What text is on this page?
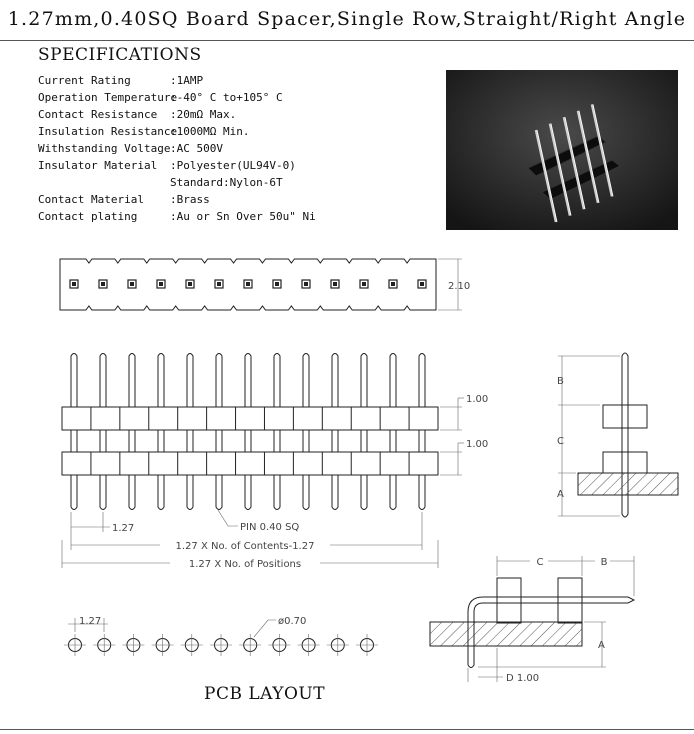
1.27mm,0.40SQ Board Spacer,Single Row,Straight/Right Angle
SPECIFICATIONS
Current Rating	:1AMP
Operation Temperature
:-40° C to+105° C
Contact Resistance :20mΩ Max.
Insulation Resistance
:1000MΩ Min.
Withstanding Voltage :AC 500V
Insulator Material :Polyester(UL94V-0)
Standard:Nylon-6T
Contact Material :Brass
Contact plating	:Au or Sn Over 50u" Ni
2.10
1.00
1.00
1.27	PIN 0.40 SQ
1.27 X No. of Contents-1.27
1.27 X No. of Positions
B
C
A
C	B
A
D 1.00
1.27	ø0.70
PCB LAYOUT
